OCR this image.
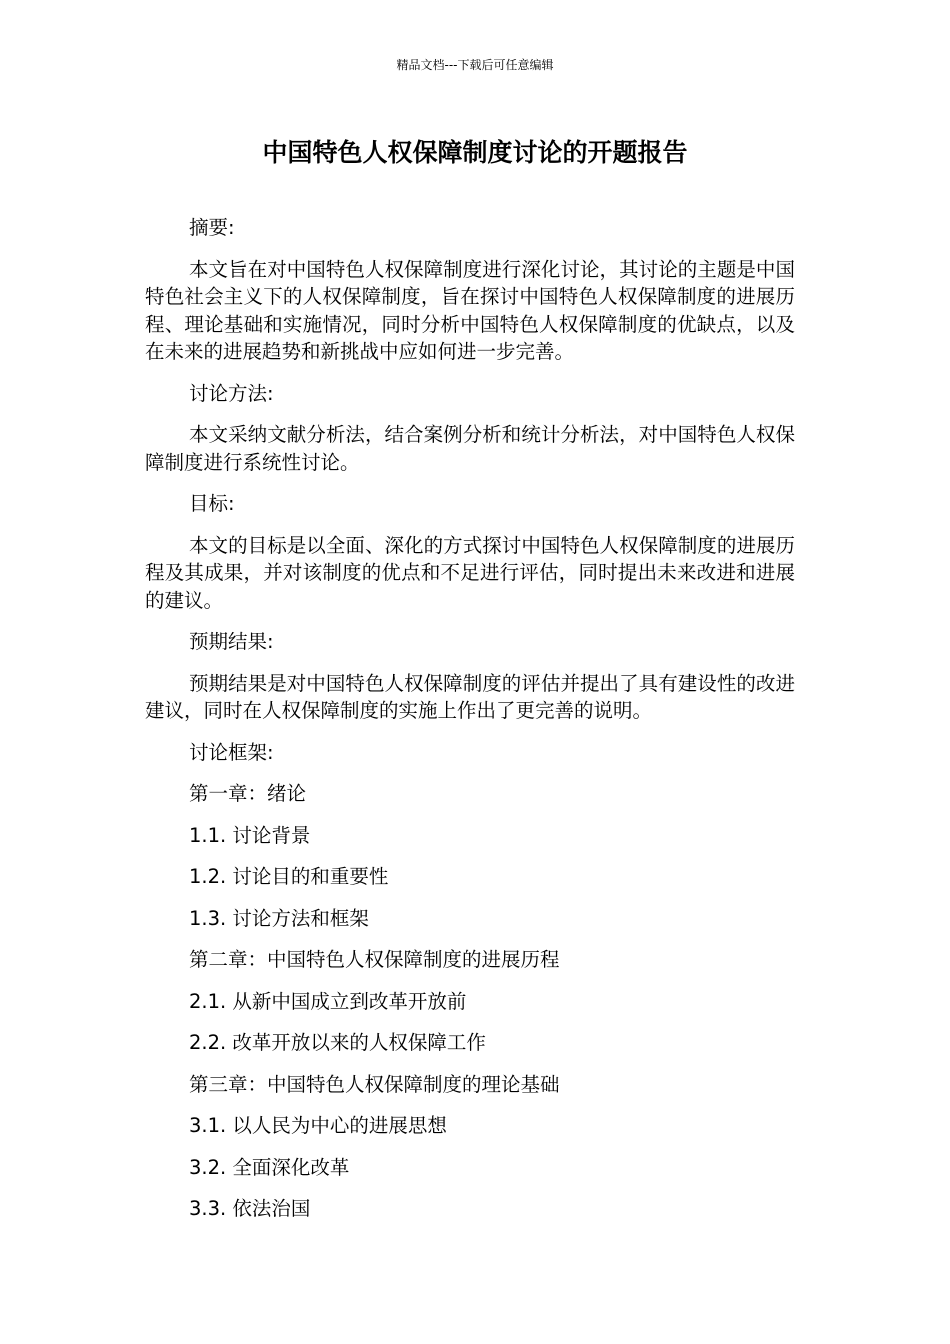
精品文档---下载后可任意编辑
中国特色人权保障制度讨论的开题报告

摘要:

本文旨在对中国特色人权保障制度进行深化讨论，其讨论的主题是中国特色社会主义下的人权保障制度，旨在探讨中国特色人权保障制度的进展历程、理论基础和实施情况，同时分析中国特色人权保障制度的优缺点，以及在未来的进展趋势和新挑战中应如何进一步完善。

讨论方法:

本文采纳文献分析法，结合案例分析和统计分析法，对中国特色人权保障制度进行系统性讨论。

目标:

本文的目标是以全面、深化的方式探讨中国特色人权保障制度的进展历程及其成果，并对该制度的优点和不足进行评估，同时提出未来改进和进展的建议。

预期结果:

预期结果是对中国特色人权保障制度的评估并提出了具有建设性的改进建议，同时在人权保障制度的实施上作出了更完善的说明。

讨论框架:

第一章：绪论
1.1. 讨论背景
1.2. 讨论目的和重要性
1.3. 讨论方法和框架
第二章：中国特色人权保障制度的进展历程
2.1. 从新中国成立到改革开放前
2.2. 改革开放以来的人权保障工作
第三章：中国特色人权保障制度的理论基础
3.1. 以人民为中心的进展思想
3.2. 全面深化改革
3.3. 依法治国
